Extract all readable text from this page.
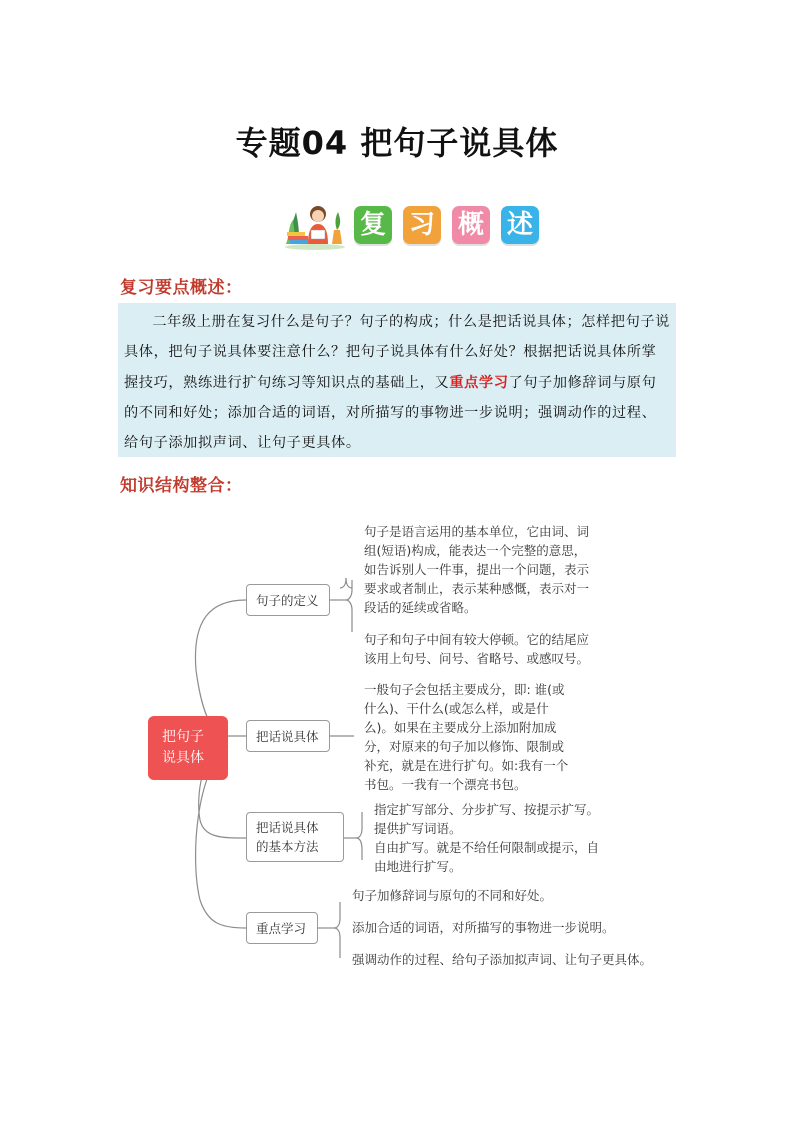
专题04 把句子说具体
复 习 概 述
复习要点概述：

二年级上册在复习什么是句子？句子的构成；什么是把话说具体；怎样把句子说具体，把句子说具体要注意什么？把句子说具体有什么好处？根据把话说具体所掌握技巧，熟练进行扩句练习等知识点的基础上，又重点学习了句子加修辞词与原句的不同和好处；添加合适的词语，对所描写的事物进一步说明；强调动作的过程、给句子添加拟声词、让句子更具体。

知识结构整合：
把句子
说具体
句子的定义
句子是语言运用的基本单位，它由词、词
组(短语)构成，能表达一个完整的意思，
如告诉别人一件事，提出一个问题，表示
要求或者制止，表示某种感慨，表示对一
段话的延续或省略。
句子和句子中间有较大停顿。它的结尾应
该用上句号、问号、省略号、或感叹号。
把话说具体
一般句子会包括主要成分，即: 谁(或
什么)、干什么(或怎么样，或是什
么)。如果在主要成分上添加附加成
分，对原来的句子加以修饰、限制或
补充，就是在进行扩句。如:我有一个
书包。一我有一个漂亮书包。
把话说具体
的基本方法
指定扩写部分、分步扩写、按提示扩写。
提供扩写词语。
自由扩写。就是不给任何限制或提示，自
由地进行扩写。
重点学习
句子加修辞词与原句的不同和好处。
添加合适的词语，对所描写的事物进一步说明。
强调动作的过程、给句子添加拟声词、让句子更具体。
